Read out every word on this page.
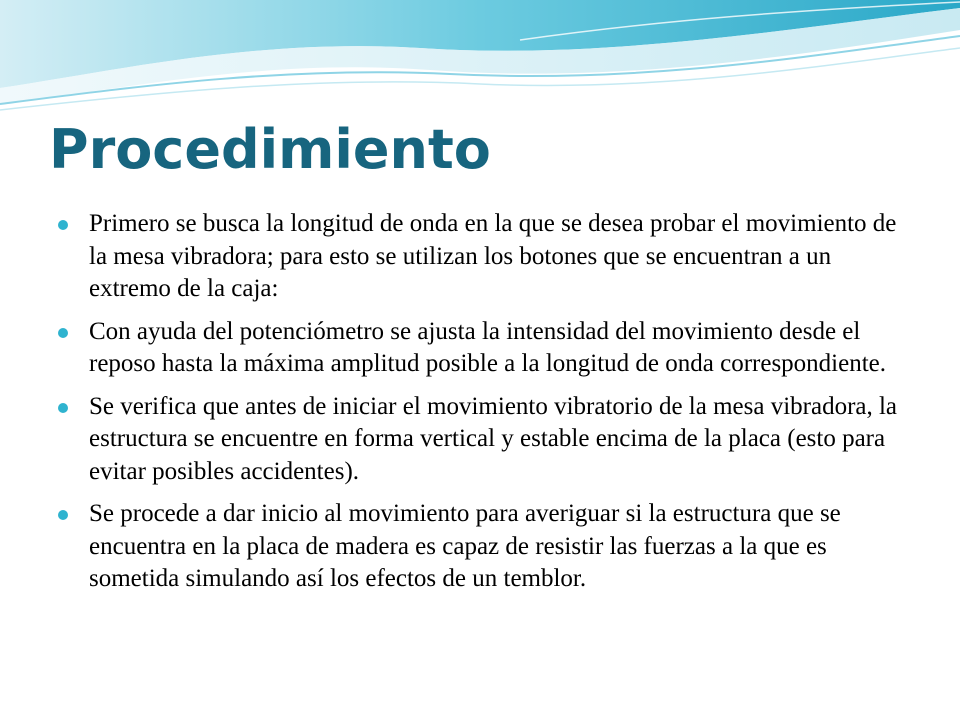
Procedimiento
Primero se busca la longitud de onda en la que se desea probar el movimiento de la mesa vibradora; para esto se utilizan los botones que se encuentran a un extremo de la caja:
Con ayuda del potenciómetro se ajusta la intensidad del movimiento desde el reposo hasta la máxima amplitud posible a la longitud de onda correspondiente.
Se verifica que antes de iniciar el movimiento vibratorio de la mesa vibradora, la estructura se encuentre en forma vertical y estable encima de la placa (esto para evitar posibles accidentes).
Se procede a dar inicio al movimiento para averiguar si la estructura que se encuentra en la placa de madera es capaz de resistir las fuerzas a la que es sometida simulando así los efectos de un temblor.
